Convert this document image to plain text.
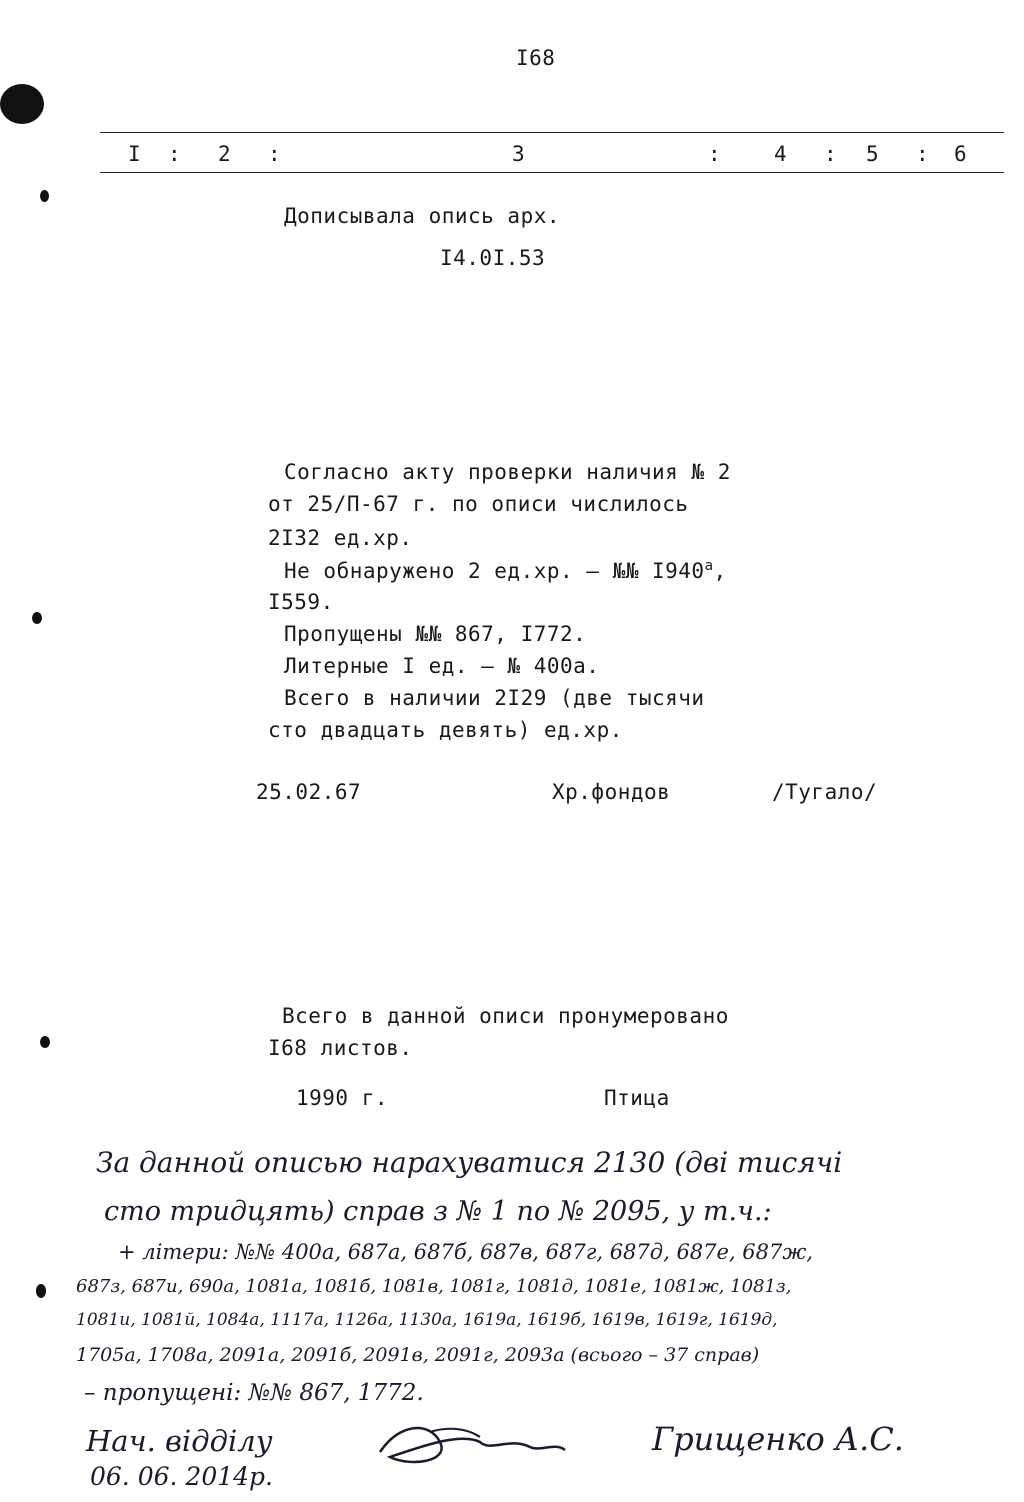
I68
I : 2 :	3	:	4 : 5 : 6
Дописывала опись арх.
I4.0I.53
Согласно акту проверки наличия № 2
от 25/П-67 г. по описи числилось
2I32 ед.хр.
Не обнаружено 2 ед.хр. – №№ $I940^а$,
I559.
Пропущены №№ 867, I772.
Литерные I ед. – № 400а.
Всего в наличии 2I29 (две тысячи
сто двадцать девять) ед.хр.
25.02.67	Хр.фондов	/Тугало/
Всего в данной описи пронумеровано
I68 листов.
1990 г.	Птица
За данной описью нарахуватися 2130 (дві тисячі
сто тридцять) справ з № 1 по № 2095, у т.ч.:
+ літери: №№ 400а, 687а, 687б, 687в, 687г, 687д, 687е, 687ж,
687з, 687и, 690а, 1081а, 1081б, 1081в, 1081г, 1081д, 1081е, 1081ж, 1081з,
1081и, 1081й, 1084а, 1117а, 1126а, 1130а, 1619а, 1619б, 1619в, 1619г, 1619д,
1705а, 1708а, 2091а, 2091б, 2091в, 2091г, 2093а (всього – 37 справ)
– пропущені: №№ 867, 1772.
Нач. відділу
06. 06. 2014р.
Грищенко А.С.
